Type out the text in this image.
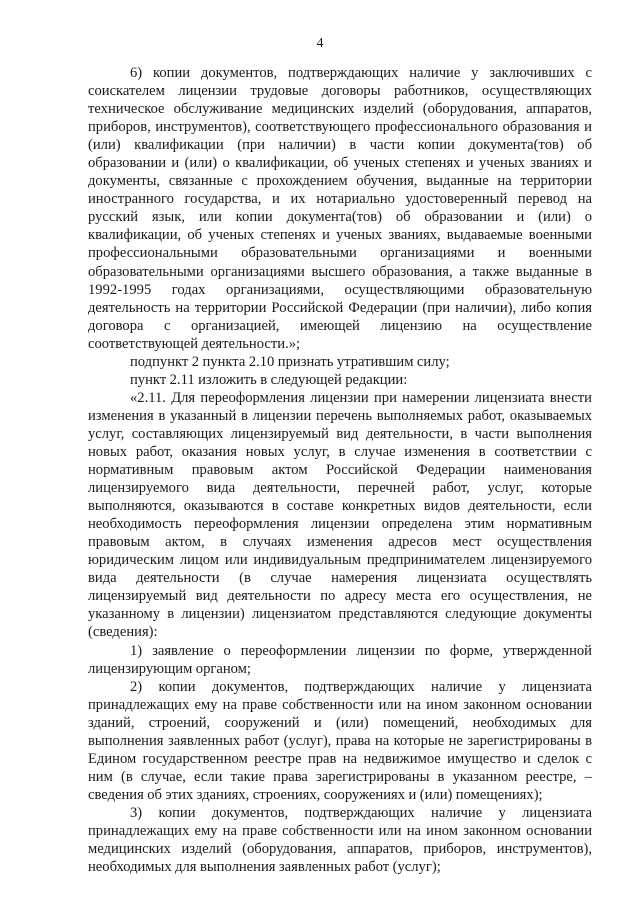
4

6) копии документов, подтверждающих наличие у заключивших с соискателем лицензии трудовые договоры работников, осуществляющих техническое обслуживание медицинских изделий (оборудования, аппаратов, приборов, инструментов), соответствующего профессионального образования и (или) квалификации (при наличии) в части копии документа(тов) об образовании и (или) о квалификации, об ученых степенях и ученых званиях и документы, связанные с прохождением обучения, выданные на территории иностранного государства, и их нотариально удостоверенный перевод на русский язык, или копии документа(тов) об образовании и (или) о квалификации, об ученых степенях и ученых званиях, выдаваемые военными профессиональными образовательными организациями и военными образовательными организациями высшего образования, а также выданные в 1992-1995 годах организациями, осуществляющими образовательную деятельность на территории Российской Федерации (при наличии), либо копия договора с организацией, имеющей лицензию на осуществление соответствующей деятельности.»;

подпункт 2 пункта 2.10 признать утратившим силу;

пункт 2.11 изложить в следующей редакции:

«2.11. Для переоформления лицензии при намерении лицензиата внести изменения в указанный в лицензии перечень выполняемых работ, оказываемых услуг, составляющих лицензируемый вид деятельности, в части выполнения новых работ, оказания новых услуг, в случае изменения в соответствии с нормативным правовым актом Российской Федерации наименования лицензируемого вида деятельности, перечней работ, услуг, которые выполняются, оказываются в составе конкретных видов деятельности, если необходимость переоформления лицензии определена этим нормативным правовым актом, в случаях изменения адресов мест осуществления юридическим лицом или индивидуальным предпринимателем лицензируемого вида деятельности (в случае намерения лицензиата осуществлять лицензируемый вид деятельности по адресу места его осуществления, не указанному в лицензии) лицензиатом представляются следующие документы (сведения):

1) заявление о переоформлении лицензии по форме, утвержденной лицензирующим органом;

2) копии документов, подтверждающих наличие у лицензиата принадлежащих ему на праве собственности или на ином законном основании зданий, строений, сооружений и (или) помещений, необходимых для выполнения заявленных работ (услуг), права на которые не зарегистрированы в Едином государственном реестре прав на недвижимое имущество и сделок с ним (в случае, если такие права зарегистрированы в указанном реестре, – сведения об этих зданиях, строениях, сооружениях и (или) помещениях);

3) копии документов, подтверждающих наличие у лицензиата принадлежащих ему на праве собственности или на ином законном основании медицинских изделий (оборудования, аппаратов, приборов, инструментов), необходимых для выполнения заявленных работ (услуг);
